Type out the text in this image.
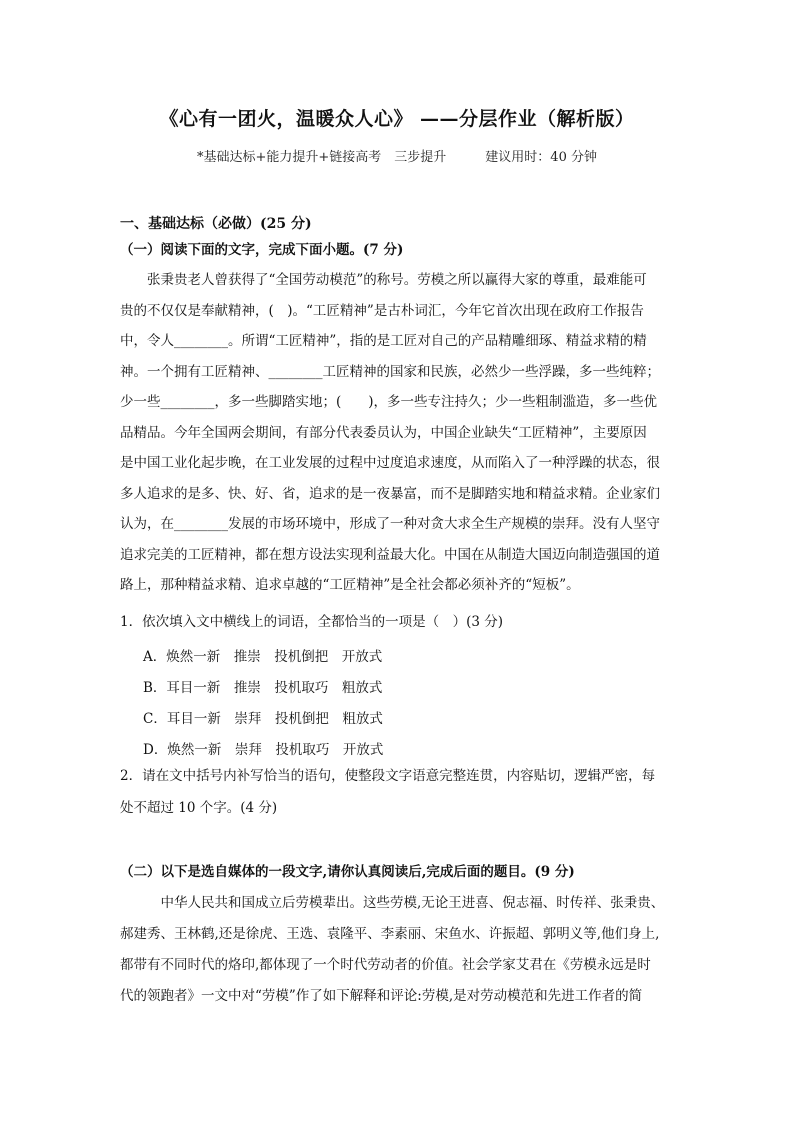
《心有一团火，温暖众人心》 ——分层作业（解析版）
*基础达标+能力提升+链接高考　三步提升　　　建议用时：40 分钟
一、基础达标（必做）(25 分)
（一）阅读下面的文字，完成下面小题。(7 分)
　　张秉贵老人曾获得了“全国劳动模范”的称号。劳模之所以赢得大家的尊重，最难能可
贵的不仅仅是奉献精神，(　)。“工匠精神”是古朴词汇，今年它首次出现在政府工作报告
中，令人________。所谓“工匠精神”，指的是工匠对自己的产品精雕细琢、精益求精的精
神。一个拥有工匠精神、________工匠精神的国家和民族，必然少一些浮躁，多一些纯粹；
少一些________，多一些脚踏实地；(　　)，多一些专注持久；少一些粗制滥造，多一些优
品精品。今年全国两会期间，有部分代表委员认为，中国企业缺失“工匠精神”，主要原因
是中国工业化起步晚，在工业发展的过程中过度追求速度，从而陷入了一种浮躁的状态，很
多人追求的是多、快、好、省，追求的是一夜暴富，而不是脚踏实地和精益求精。企业家们
认为，在________发展的市场环境中，形成了一种对贪大求全生产规模的崇拜。没有人坚守
追求完美的工匠精神，都在想方设法实现利益最大化。中国在从制造大国迈向制造强国的道
路上，那种精益求精、追求卓越的“工匠精神”是全社会都必须补齐的“短板”。
1．依次填入文中横线上的词语，全都恰当的一项是（　）(3 分)
A．焕然一新　推崇　投机倒把　开放式
B．耳目一新　推崇　投机取巧　粗放式
C．耳目一新　崇拜　投机倒把　粗放式
D．焕然一新　崇拜　投机取巧　开放式
2．请在文中括号内补写恰当的语句，使整段文字语意完整连贯，内容贴切，逻辑严密，每
处不超过 10 个字。(4 分)
（二）以下是选自媒体的一段文字,请你认真阅读后,完成后面的题目。(9 分)
　　　中华人民共和国成立后劳模辈出。这些劳模,无论王进喜、倪志福、时传祥、张秉贵、
郝建秀、王林鹤,还是徐虎、王选、袁隆平、李素丽、宋鱼水、许振超、郭明义等,他们身上,
都带有不同时代的烙印,都体现了一个时代劳动者的价值。社会学家艾君在《劳模永远是时
代的领跑者》一文中对“劳模”作了如下解释和评论:劳模,是对劳动模范和先进工作者的简
